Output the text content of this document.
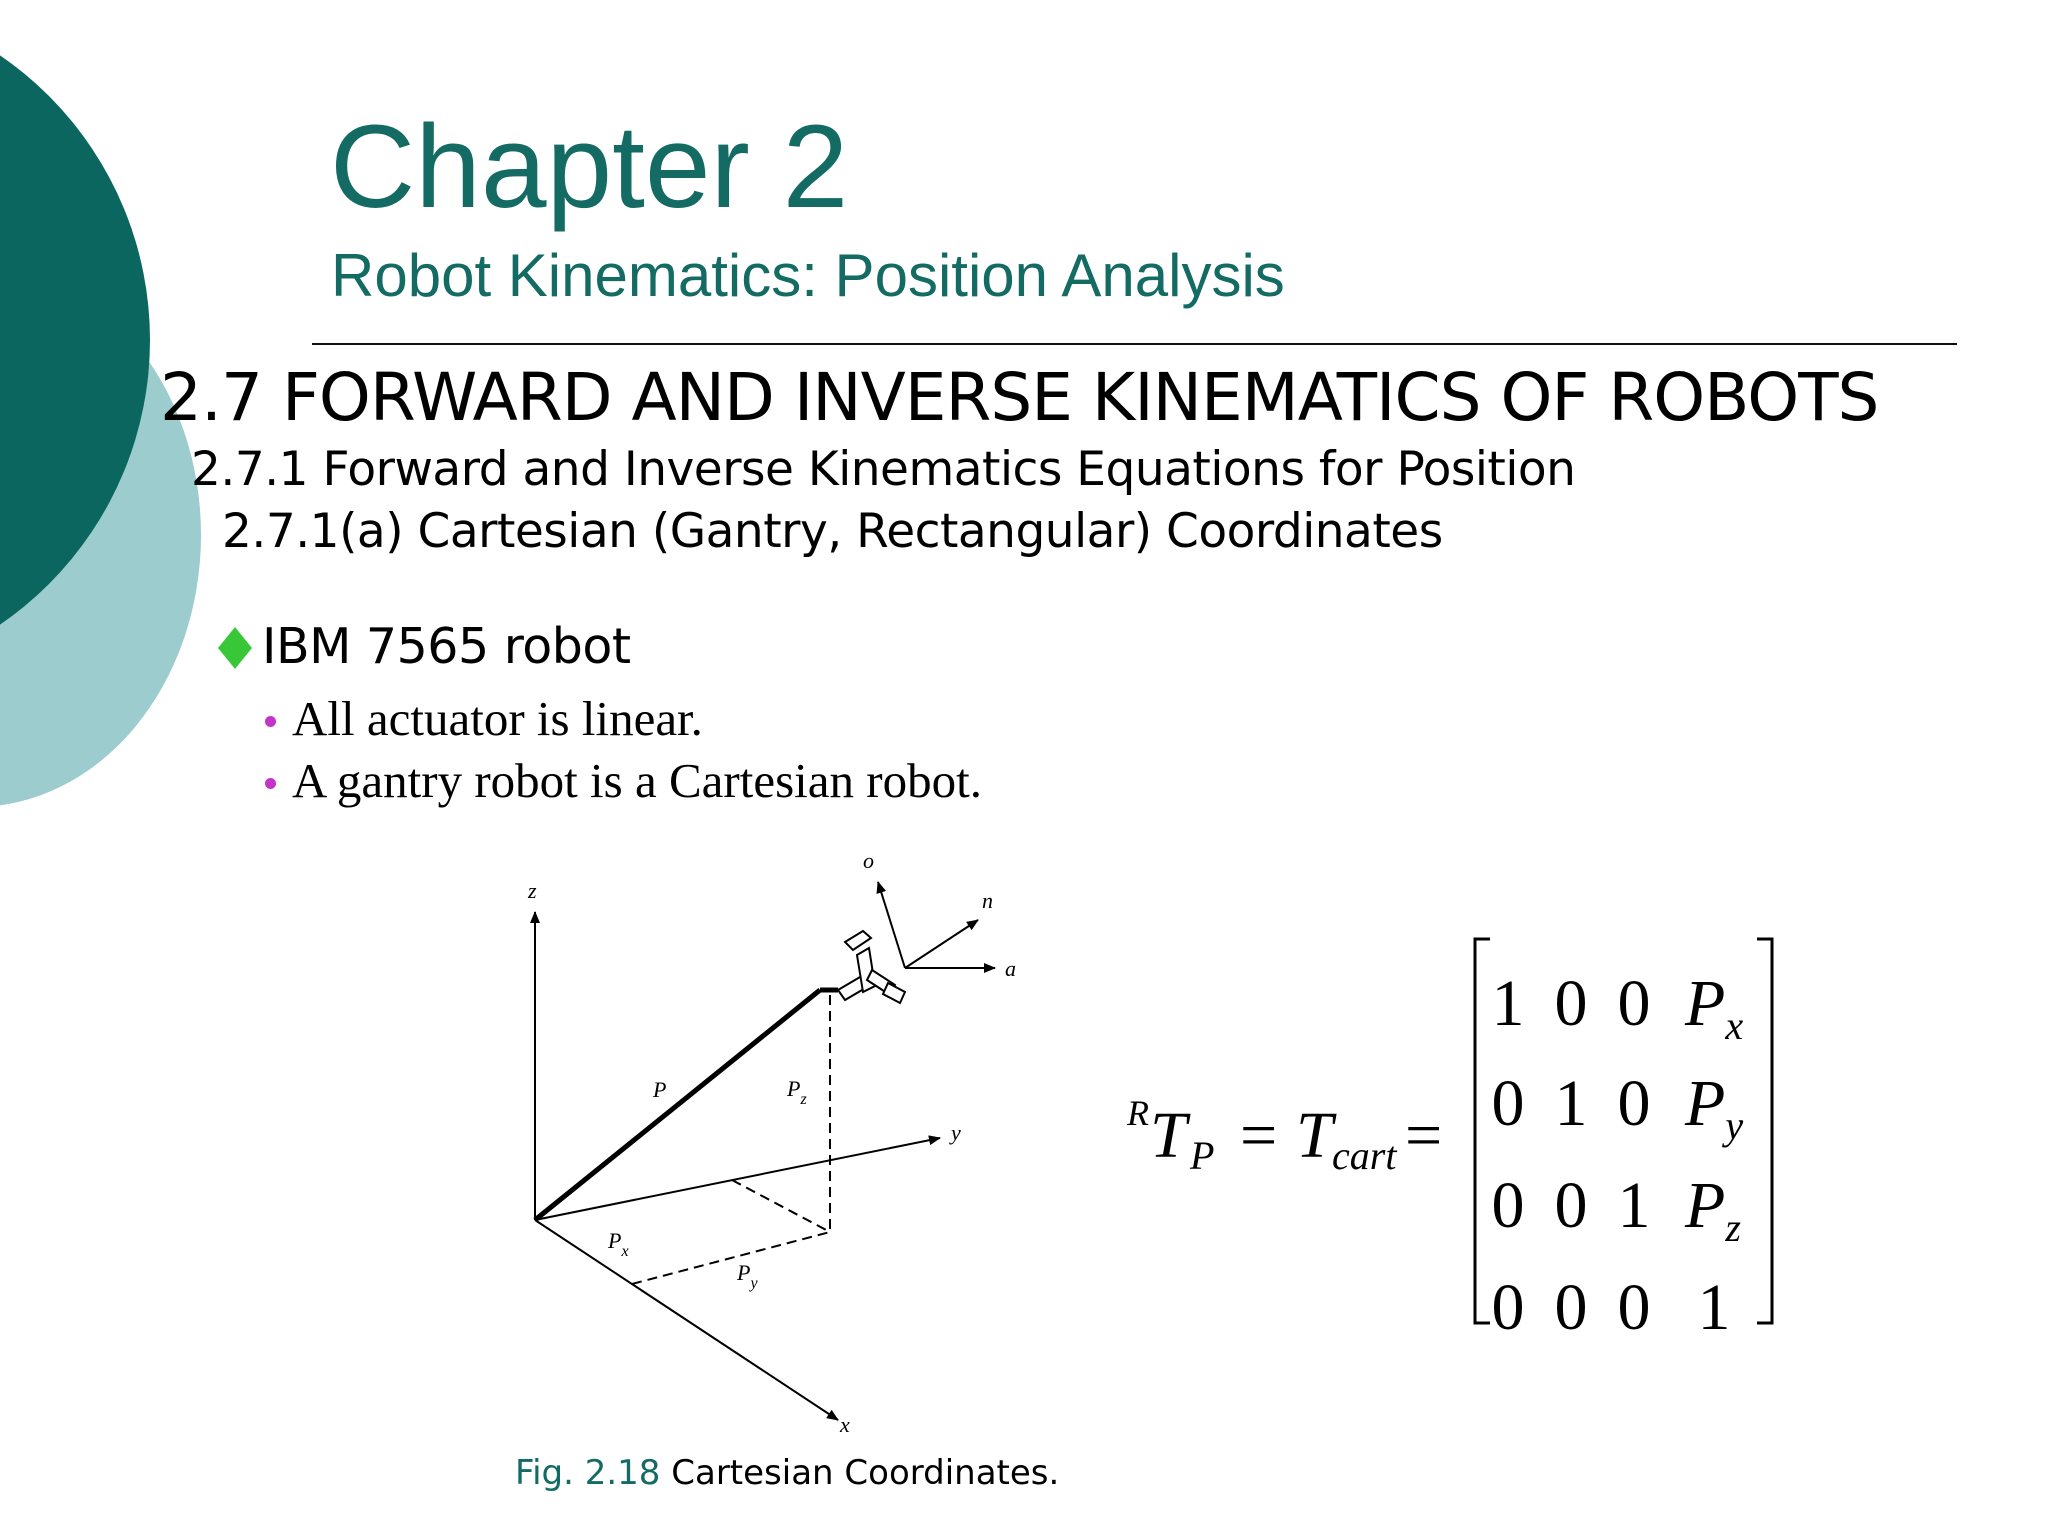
Chapter 2
Robot Kinematics: Position Analysis
2.7 FORWARD AND INVERSE KINEMATICS OF ROBOTS
2.7.1 Forward and Inverse Kinematics Equations for Position
2.7.1(a) Cartesian (Gantry, Rectangular) Coordinates
IBM 7565 robot
All actuator is linear.
A gantry robot is a Cartesian robot.
z
y
x
o
n
a
P	$P_z$
$P_x$
$P_y$
Fig. 2.18 Cartesian Coordinates.
R T P = T cart =
1 0 0
0 1 0
0 0 1
0 0 0 1
$P_x$
$P_y$
$P_z$
